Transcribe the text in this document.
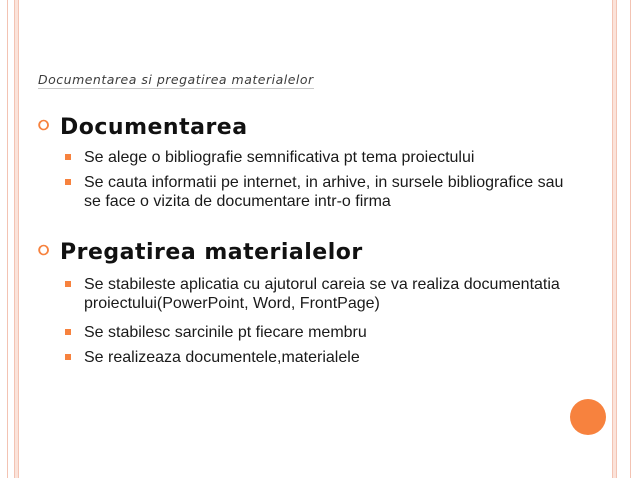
Documentarea si pregatirea materialelor
⭘ Documentarea
Se alege o bibliografie semnificativa pt tema proiectului
Se cauta informatii pe internet, in arhive, in sursele bibliografice sau se face o vizita de documentare intr-o firma
⭘ Pregatirea materialelor
Se stabileste aplicatia cu ajutorul careia se va realiza documentatia proiectului(PowerPoint, Word, FrontPage)
Se stabilesc sarcinile pt fiecare membru
Se realizeaza documentele,materialele
